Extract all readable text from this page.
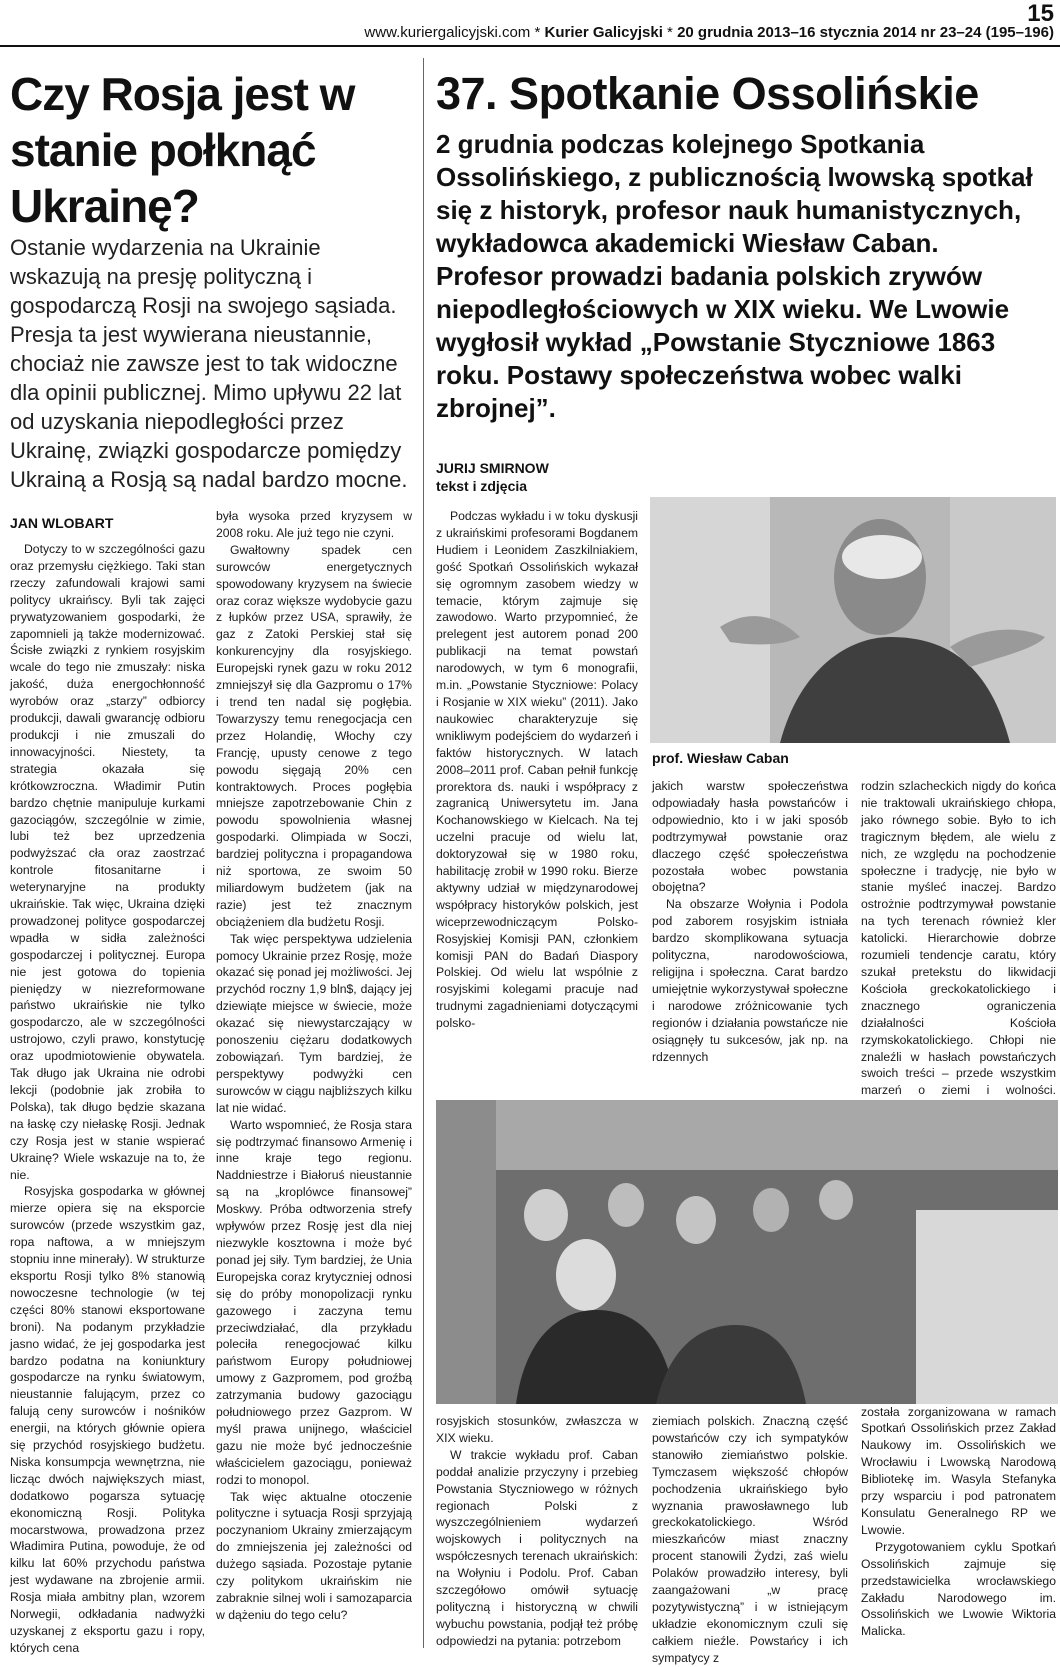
15
www.kuriergalicyjski.com * Kurier Galicyjski * 20 grudnia 2013–16 stycznia 2014 nr 23–24 (195–196)
Czy Rosja jest w stanie połknąć Ukrainę?
Ostanie wydarzenia na Ukrainie wskazują na presję polityczną i gospodarczą Rosji na swojego sąsiada. Presja ta jest wywierana nieustannie, chociaż nie zawsze jest to tak widoczne dla opinii publicznej. Mimo upływu 22 lat od uzyskania niepodległości przez Ukrainę, związki gospodarcze pomiędzy Ukrainą a Rosją są nadal bardzo mocne.
JAN WLOBART

Dotyczy to w szczególności gazu oraz przemysłu ciężkiego. Taki stan rzeczy zafundowali krajowi sami politycy ukraińscy. Byli tak zajęci prywatyzowaniem gospodarki, że zapomnieli ją także modernizować. Ścisłe związki z rynkiem rosyjskim wcale do tego nie zmuszały: niska jakość, duża energochłonność wyrobów oraz „starzy” odbiorcy produkcji, dawali gwarancję odbioru produkcji i nie zmuszali do innowacyjności. Niestety, ta strategia okazała się krótkowzroczna. Władimir Putin bardzo chętnie manipuluje kurkami gazociągów, szczególnie w zimie, lubi też bez uprzedzenia podwyższać cła oraz zaostrzać kontrole fitosanitarne i weterynaryjne na produkty ukraińskie. Tak więc, Ukraina dzięki prowadzonej polityce gospodarczej wpadła w sidła zależności gospodarczej i politycznej. Europa nie jest gotowa do topienia pieniędzy w niezreformowane państwo ukraińskie nie tylko gospodarczo, ale w szczególności ustrojowo, czyli prawo, konstytucję oraz upodmiotowienie obywatela. Tak długo jak Ukraina nie odrobi lekcji (podobnie jak zrobiła to Polska), tak długo będzie skazana na łaskę czy niełaskę Rosji. Jednak czy Rosja jest w stanie wspierać Ukrainę? Wiele wskazuje na to, że nie.

Rosyjska gospodarka w głównej mierze opiera się na eksporcie surowców (przede wszystkim gaz, ropa naftowa, a w mniejszym stopniu inne minerały). W strukturze eksportu Rosji tylko 8% stanowią nowoczesne technologie (w tej części 80% stanowi eksportowane broni). Na podanym przykładzie jasno widać, że jej gospodarka jest bardzo podatna na koniunktury gospodarcze na rynku światowym, nieustannie falującym, przez co falują ceny surowców i nośników energii, na których głównie opiera się przychód rosyjskiego budżetu. Niska konsumpcja wewnętrzna, nie licząc dwóch największych miast, dodatkowo pogarsza sytuację ekonomiczną Rosji. Polityka mocarstwowa, prowadzona przez Władimira Putina, powoduje, że od kilku lat 60% przychodu państwa jest wydawane na zbrojenie armii. Rosja miała ambitny plan, wzorem Norwegii, odkładania nadwyżki uzyskanej z eksportu gazu i ropy, których cena

była wysoka przed kryzysem w 2008 roku. Ale już tego nie czyni.

Gwałtowny spadek cen surowców energetycznych spowodowany kryzysem na świecie oraz coraz większe wydobycie gazu z łupków przez USA, sprawiły, że gaz z Zatoki Perskiej stał się konkurencyjny dla rosyjskiego. Europejski rynek gazu w roku 2012 zmniejszył się dla Gazpromu o 17% i trend ten nadal się pogłębia. Towarzyszy temu renegocjacja cen przez Holandię, Włochy czy Francję, upusty cenowe z tego powodu sięgają 20% cen kontraktowych. Proces pogłębia mniejsze zapotrzebowanie Chin z powodu spowolnienia własnej gospodarki. Olimpiada w Soczi, bardziej polityczna i propagandowa niż sportowa, ze swoim 50 miliardowym budżetem (jak na razie) jest też znacznym obciążeniem dla budżetu Rosji.

Tak więc perspektywa udzielenia pomocy Ukrainie przez Rosję, może okazać się ponad jej możliwości. Jej przychód roczny 1,9 bln$, dający jej dziewiąte miejsce w świecie, może okazać się niewystarczający w ponoszeniu ciężaru dodatkowych zobowiązań. Tym bardziej, że perspektywy podwyżki cen surowców w ciągu najbliższych kilku lat nie widać.

Warto wspomnieć, że Rosja stara się podtrzymać finansowo Armenię i inne kraje tego regionu. Naddniestrze i Białoruś nieustannie są na „kroplówce finansowej” Moskwy. Próba odtworzenia strefy wpływów przez Rosję jest dla niej niezwykle kosztowna i może być ponad jej siły. Tym bardziej, że Unia Europejska coraz krytyczniej odnosi się do próby monopolizacji rynku gazowego i zaczyna temu przeciwdziałać, dla przykładu poleciła renegocjować kilku państwom Europy południowej umowy z Gazpromem, pod groźbą zatrzymania budowy gazociągu południowego przez Gazprom. W myśl prawa unijnego, właściciel gazu nie może być jednocześnie właścicielem gazociągu, ponieważ rodzi to monopol.

Tak więc aktualne otoczenie polityczne i sytuacja Rosji sprzyjają poczynaniom Ukrainy zmierzającym do zmniejszenia jej zależności od dużego sąsiada. Pozostaje pytanie czy politykom ukraińskim nie zabraknie silnej woli i samozaparcia w dążeniu do tego celu?

37. Spotkanie Ossolińskie
2 grudnia podczas kolejnego Spotkania Ossolińskiego, z publicznością lwowską spotkał się z historyk, profesor nauk humanistycznych, wykładowca akademicki Wiesław Caban. Profesor prowadzi badania polskich zrywów niepodległościowych w XIX wieku. We Lwowie wygłosił wykład „Powstanie Styczniowe 1863 roku. Postawy społeczeństwa wobec walki zbrojnej”.
JURIJ SMIRNOW
tekst i zdjęcia

Podczas wykładu i w toku dyskusji z ukraińskimi profesorami Bogdanem Hudiem i Leonidem Zaszkilniakiem, gość Spotkań Ossolińskich wykazał się ogromnym zasobem wiedzy w temacie, którym zajmuje się zawodowo. Warto przypomnieć, że prelegent jest autorem ponad 200 publikacji na temat powstań narodowych, w tym 6 monografii, m.in. „Powstanie Styczniowe: Polacy i Rosjanie w XIX wieku” (2011). Jako naukowiec charakteryzuje się wnikliwym podejściem do wydarzeń i faktów historycznych. W latach 2008–2011 prof. Caban pełnił funkcję prorektora ds. nauki i współpracy z zagranicą Uniwersytetu im. Jana Kochanowskiego w Kielcach. Na tej uczelni pracuje od wielu lat, doktoryzował się w 1980 roku, habilitację zrobił w 1990 roku. Bierze aktywny udział w międzynarodowej współpracy historyków polskich, jest wiceprzewodniczącym Polsko-Rosyjskiej Komisji PAN, członkiem komisji PAN do Badań Diaspory Polskiej. Od wielu lat wspólnie z rosyjskimi kolegami pracuje nad trudnymi zagadnieniami dotyczącymi polsko-

prof. Wiesław Caban

jakich warstw społeczeństwa odpowiadały hasła powstańców i odpowiednio, kto i w jaki sposób podtrzymywał powstanie oraz dlaczego część społeczeństwa pozostała wobec powstania obojętna?

Na obszarze Wołynia i Podola pod zaborem rosyjskim istniała bardzo skomplikowana sytuacja polityczna, narodowościowa, religijna i społeczna. Carat bardzo umiejętnie wykorzystywał społeczne i narodowe zróżnicowanie tych regionów i działania powstańcze nie osiągnęły tu sukcesów, jak np. na rdzennych

rodzin szlacheckich nigdy do końca nie traktowali ukraińskiego chłopa, jako równego sobie. Było to ich tragicznym błędem, ale wielu z nich, ze względu na pochodzenie społeczne i tradycję, nie było w stanie myśleć inaczej. Bardzo ostrożnie podtrzymywał powstanie na tych terenach również kler katolicki. Hierarchowie dobrze rozumieli tendencje caratu, który szukał pretekstu do likwidacji Kościoła greckokatolickiego i znacznego ograniczenia działalności Kościoła rzymskokatolickiego. Chłopi nie znaleźli w hasłach powstańczych swoich treści – przede wszystkim marzeń o ziemi i wolności.

została zorganizowana w ramach Spotkań Ossolińskich przez Zakład Naukowy im. Ossolińskich we Wrocławiu i Lwowską Narodową Bibliotekę im. Wasyla Stefanyka przy wsparciu i pod patronatem Konsulatu Generalnego RP we Lwowie.

Przygotowaniem cyklu Spotkań Ossolińskich zajmuje się przedstawicielka wrocławskiego Zakładu Narodowego im. Ossolińskich we Lwowie Wiktoria Malicka.

rosyjskich stosunków, zwłaszcza w XIX wieku.

W trakcie wykładu prof. Caban poddał analizie przyczyny i przebieg Powstania Styczniowego w różnych regionach Polski z wyszczególnieniem wydarzeń wojskowych i politycznych na współczesnych terenach ukraińskich: na Wołyniu i Podolu. Prof. Caban szczegółowo omówił sytuację polityczną i historyczną w chwili wybuchu powstania, podjął też próbę odpowiedzi na pytania: potrzebom

ziemiach polskich. Znaczną część powstańców czy ich sympatyków stanowiło ziemiaństwo polskie. Tymczasem większość chłopów pochodzenia ukraińskiego było wyznania prawosławnego lub greckokatolickiego. Wśród mieszkańców miast znaczny procent stanowili Żydzi, zaś wielu Polaków prowadziło interesy, byli zaangażowani „w pracę pozytywistyczną” i w istniejącym układzie ekonomicznym czuli się całkiem nieźle. Powstańcy i ich sympatycy z
